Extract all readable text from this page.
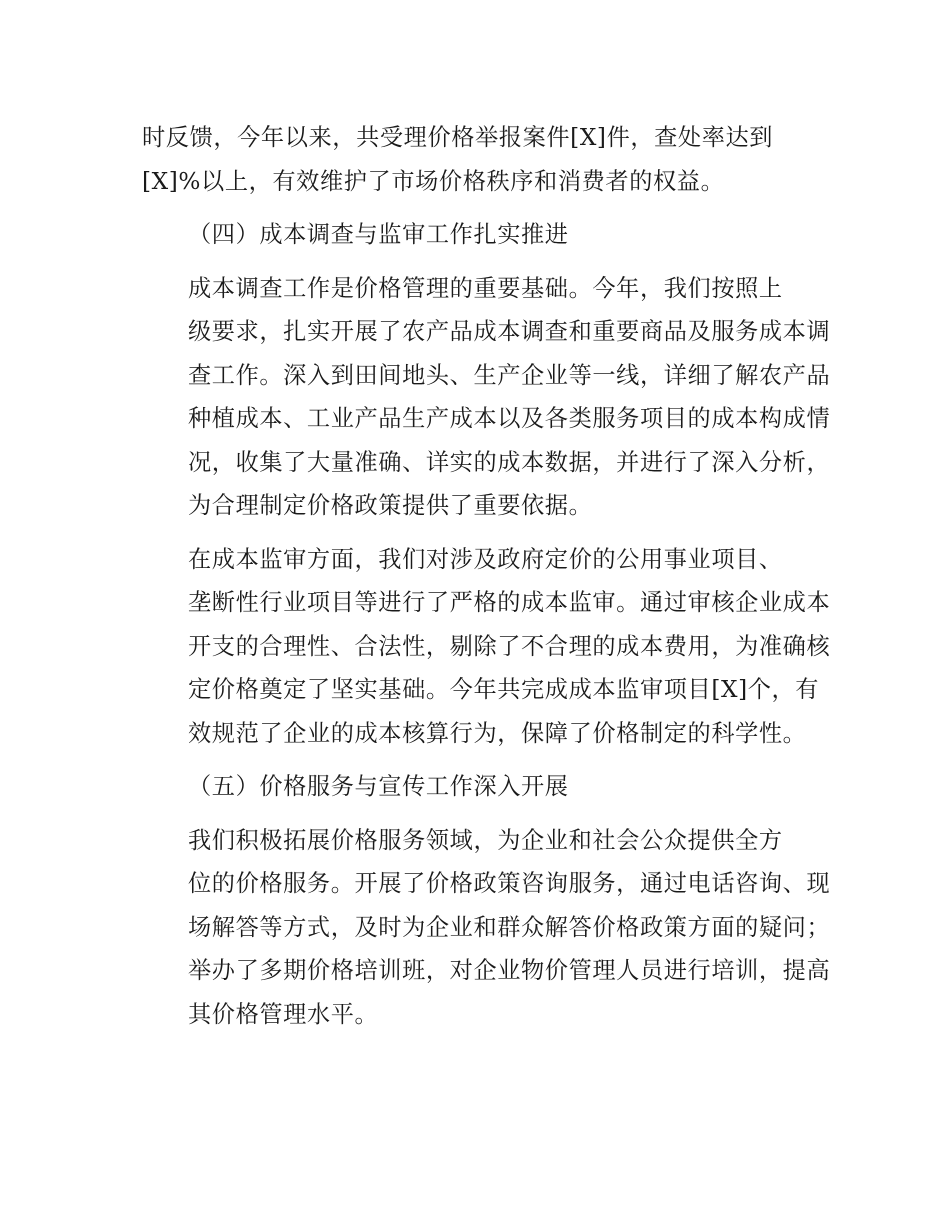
时反馈，今年以来，共受理价格举报案件[X]件，查处率达到
[X]%以上，有效维护了市场价格秩序和消费者的权益。

（四）成本调查与监审工作扎实推进

成本调查工作是价格管理的重要基础。今年，我们按照上
级要求，扎实开展了农产品成本调查和重要商品及服务成本调
查工作。深入到田间地头、生产企业等一线，详细了解农产品
种植成本、工业产品生产成本以及各类服务项目的成本构成情
况，收集了大量准确、详实的成本数据，并进行了深入分析，
为合理制定价格政策提供了重要依据。

在成本监审方面，我们对涉及政府定价的公用事业项目、
垄断性行业项目等进行了严格的成本监审。通过审核企业成本
开支的合理性、合法性，剔除了不合理的成本费用，为准确核
定价格奠定了坚实基础。今年共完成成本监审项目[X]个，有
效规范了企业的成本核算行为，保障了价格制定的科学性。

（五）价格服务与宣传工作深入开展

我们积极拓展价格服务领域，为企业和社会公众提供全方
位的价格服务。开展了价格政策咨询服务，通过电话咨询、现
场解答等方式，及时为企业和群众解答价格政策方面的疑问；
举办了多期价格培训班，对企业物价管理人员进行培训，提高
其价格管理水平。
